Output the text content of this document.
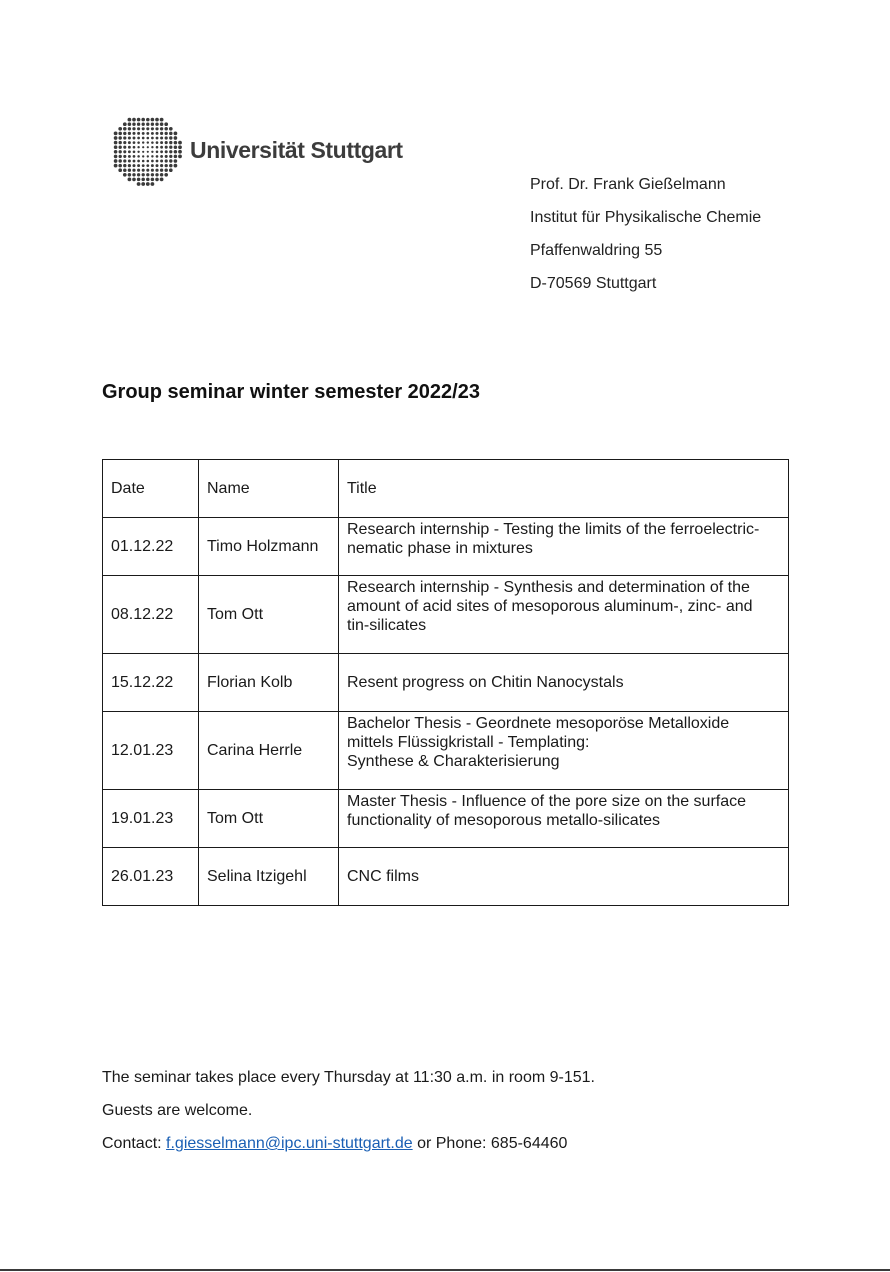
Universität Stuttgart
Prof. Dr. Frank Gießelmann
Institut für Physikalische Chemie
Pfaffenwaldring 55
D-70569 Stuttgart
Group seminar winter semester 2022/23
Date	Name	Title
01.12.22	Timo Holzmann	Research internship - Testing the limits of the ferroelectric-
nematic phase in mixtures

08.12.22	Tom Ott	Research internship - Synthesis and determination of the
amount of acid sites of mesoporous aluminum-, zinc- and
tin-silicates

15.12.22	Florian Kolb	Resent progress on Chitin Nanocystals

12.01.23	Carina Herrle	Bachelor Thesis - Geordnete mesoporöse Metalloxide
mittels Flüssigkristall - Templating:
Synthese & Charakterisierung

19.01.23	Tom Ott	Master Thesis - Influence of the pore size on the surface
functionality of mesoporous metallo-silicates

26.01.23	Selina Itzigehl	CNC films
The seminar takes place every Thursday at 11:30 a.m. in room 9-151.
Guests are welcome.
Contact: f.giesselmann@ipc.uni-stuttgart.de or Phone: 685-64460
